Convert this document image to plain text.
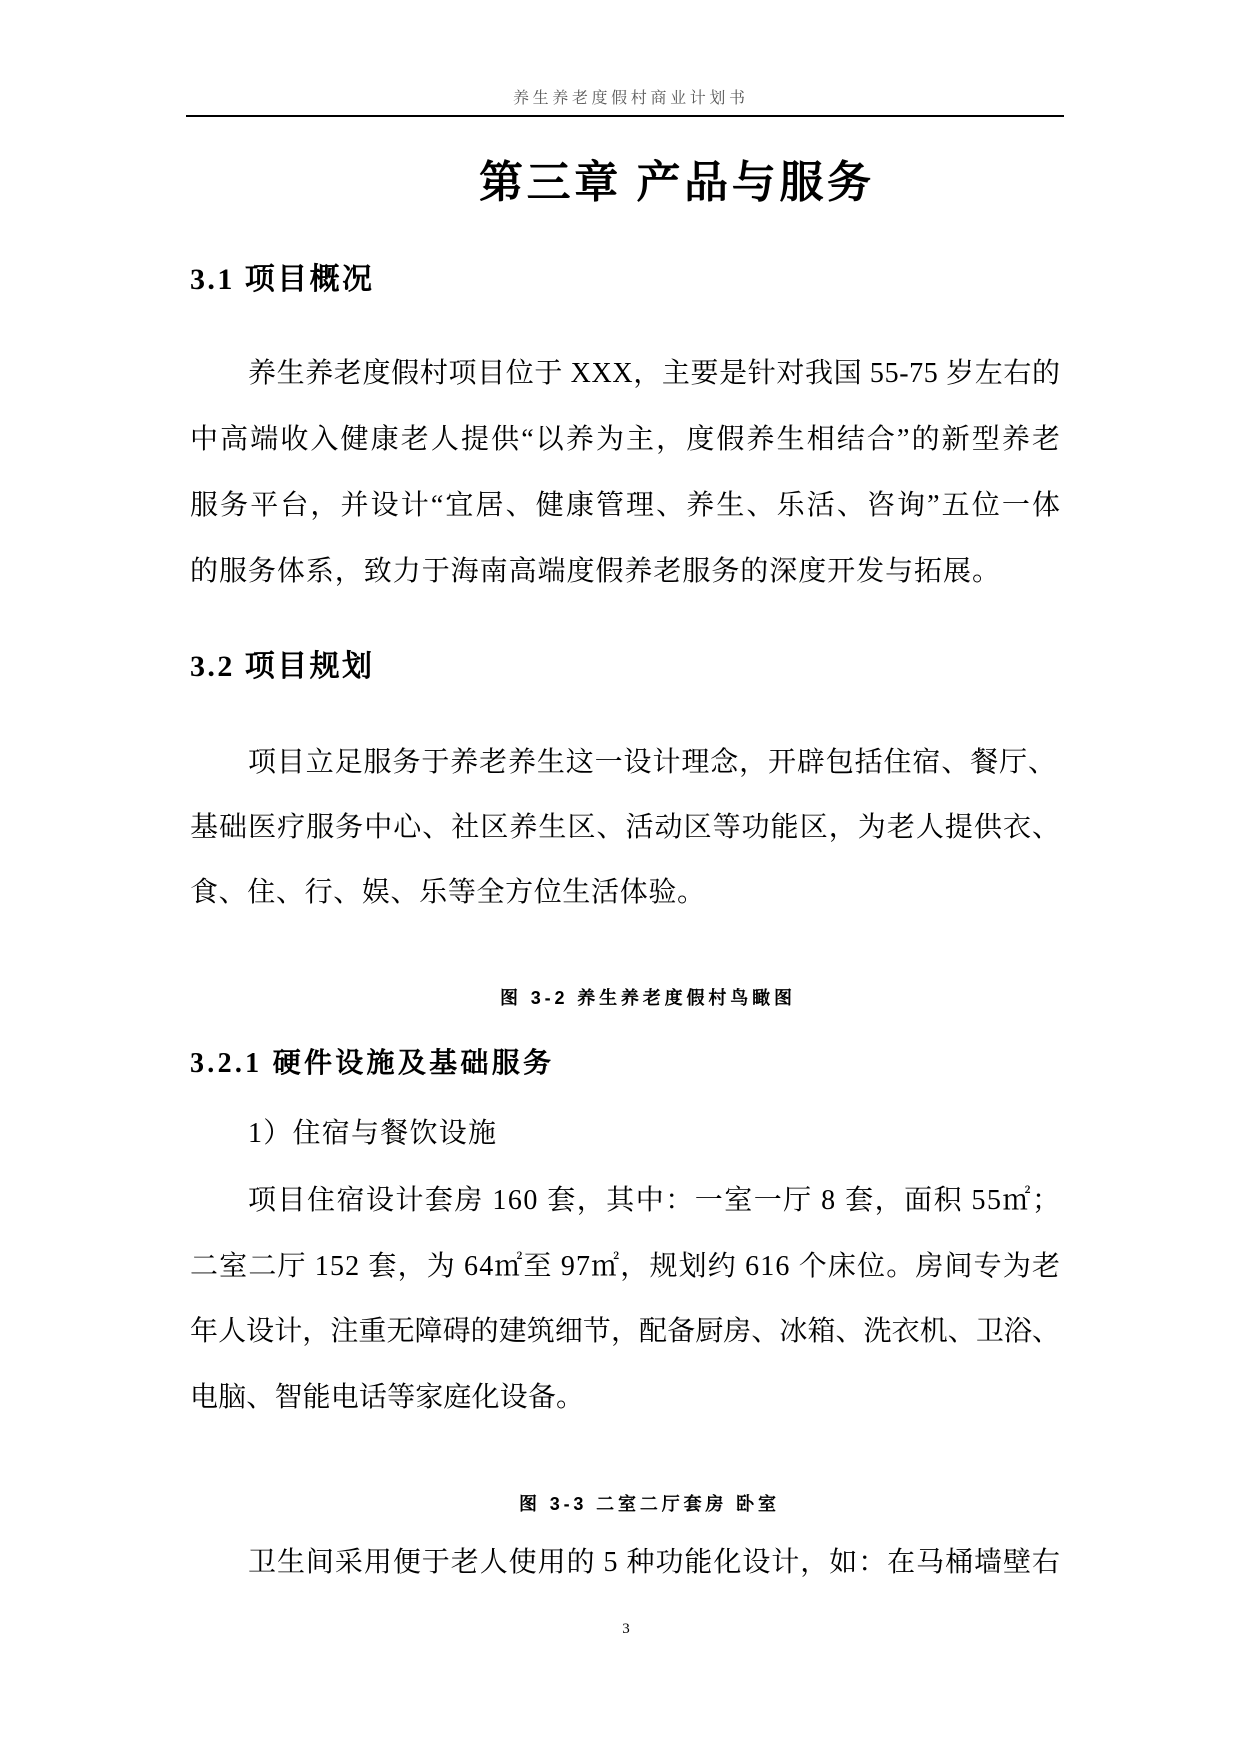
养生养老度假村商业计划书
第三章 产品与服务
3.1 项目概况
养生养老度假村项目位于 XXX，主要是针对我国 55-75 岁左右的
中高端收入健康老人提供“以养为主，度假养生相结合”的新型养老
服务平台，并设计“宜居、健康管理、养生、乐活、咨询”五位一体
的服务体系，致力于海南高端度假养老服务的深度开发与拓展。
3.2 项目规划
项目立足服务于养老养生这一设计理念，开辟包括住宿、餐厅、
基础医疗服务中心、社区养生区、活动区等功能区，为老人提供衣、
食、住、行、娱、乐等全方位生活体验。
图 3-2 养生养老度假村鸟瞰图
3.2.1 硬件设施及基础服务
1）住宿与餐饮设施
项目住宿设计套房 160 套，其中：一室一厅 8 套，面积 55㎡；
二室二厅 152 套，为 64㎡至 97㎡，规划约 616 个床位。房间专为老
年人设计，注重无障碍的建筑细节，配备厨房、冰箱、洗衣机、卫浴、
电脑、智能电话等家庭化设备。
图 3-3 二室二厅套房 卧室
卫生间采用便于老人使用的 5 种功能化设计，如：在马桶墙壁右
3
